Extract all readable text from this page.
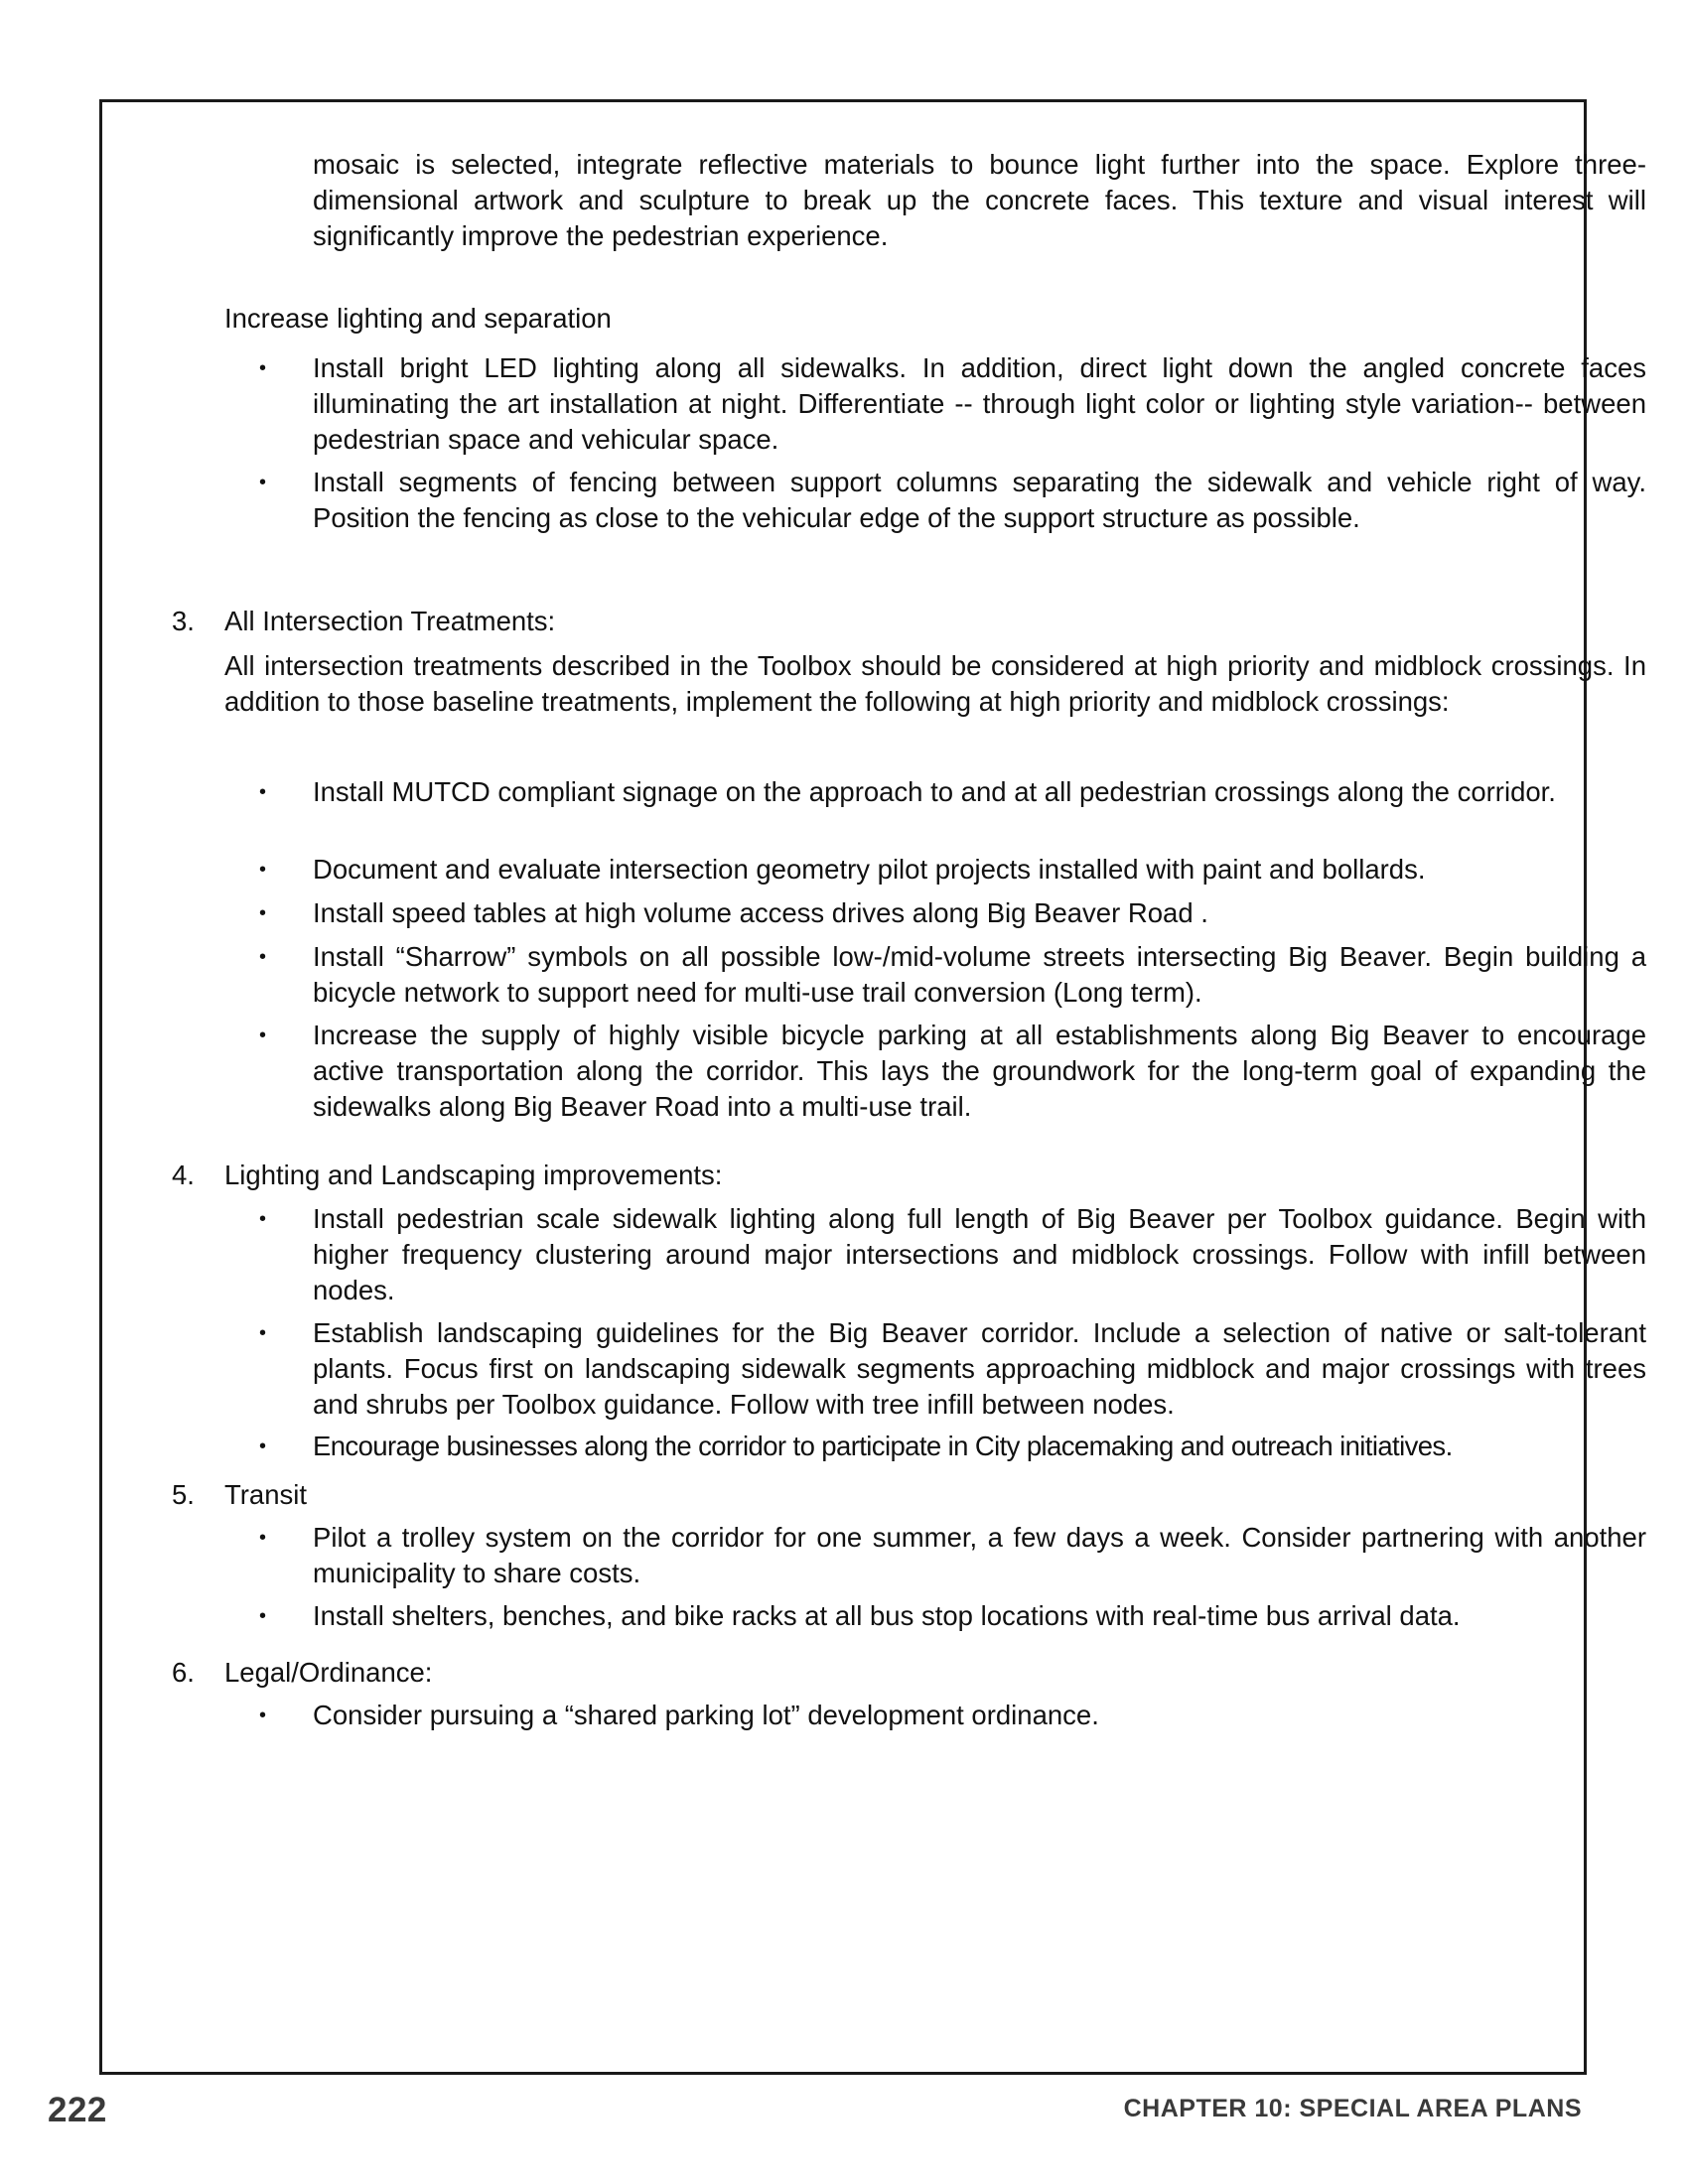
mosaic is selected, integrate reflective materials to bounce light further into the space. Explore three-dimensional artwork and sculpture to break up the concrete faces. This texture and visual interest will significantly improve the pedestrian experience.

Increase lighting and separation

• Install bright LED lighting along all sidewalks. In addition, direct light down the angled concrete faces illuminating the art installation at night. Differentiate -- through light color or lighting style variation-- between pedestrian space and vehicular space.

• Install segments of fencing between support columns separating the sidewalk and vehicle right of way. Position the fencing as close to the vehicular edge of the support structure as possible.

3. All Intersection Treatments:

All intersection treatments described in the Toolbox should be considered at high priority and midblock crossings. In addition to those baseline treatments, implement the following at high priority and midblock crossings:

• Install MUTCD compliant signage on the approach to and at all pedestrian crossings along the corridor.

• Document and evaluate intersection geometry pilot projects installed with paint and bollards.

• Install speed tables at high volume access drives along Big Beaver Road .

• Install “Sharrow” symbols on all possible low-/mid-volume streets intersecting Big Beaver. Begin building a bicycle network to support need for multi-use trail conversion (Long term).

• Increase the supply of highly visible bicycle parking at all establishments along Big Beaver to encourage active transportation along the corridor. This lays the groundwork for the long-term goal of expanding the sidewalks along Big Beaver Road into a multi-use trail.

4. Lighting and Landscaping improvements:
• Install pedestrian scale sidewalk lighting along full length of Big Beaver per Toolbox guidance. Begin with higher frequency clustering around major intersections and midblock crossings. Follow with infill between nodes.

• Establish landscaping guidelines for the Big Beaver corridor. Include a selection of native or salt-tolerant plants. Focus first on landscaping sidewalk segments approaching midblock and major crossings with trees and shrubs per Toolbox guidance. Follow with tree infill between nodes.

• Encourage businesses along the corridor to participate in City placemaking and outreach initiatives.

5. Transit
• Pilot a trolley system on the corridor for one summer, a few days a week. Consider partnering with another municipality to share costs.

• Install shelters, benches, and bike racks at all bus stop locations with real-time bus arrival data.

6. Legal/Ordinance:
• Consider pursuing a “shared parking lot” development ordinance.

222	CHAPTER 10: SPECIAL AREA PLANS
